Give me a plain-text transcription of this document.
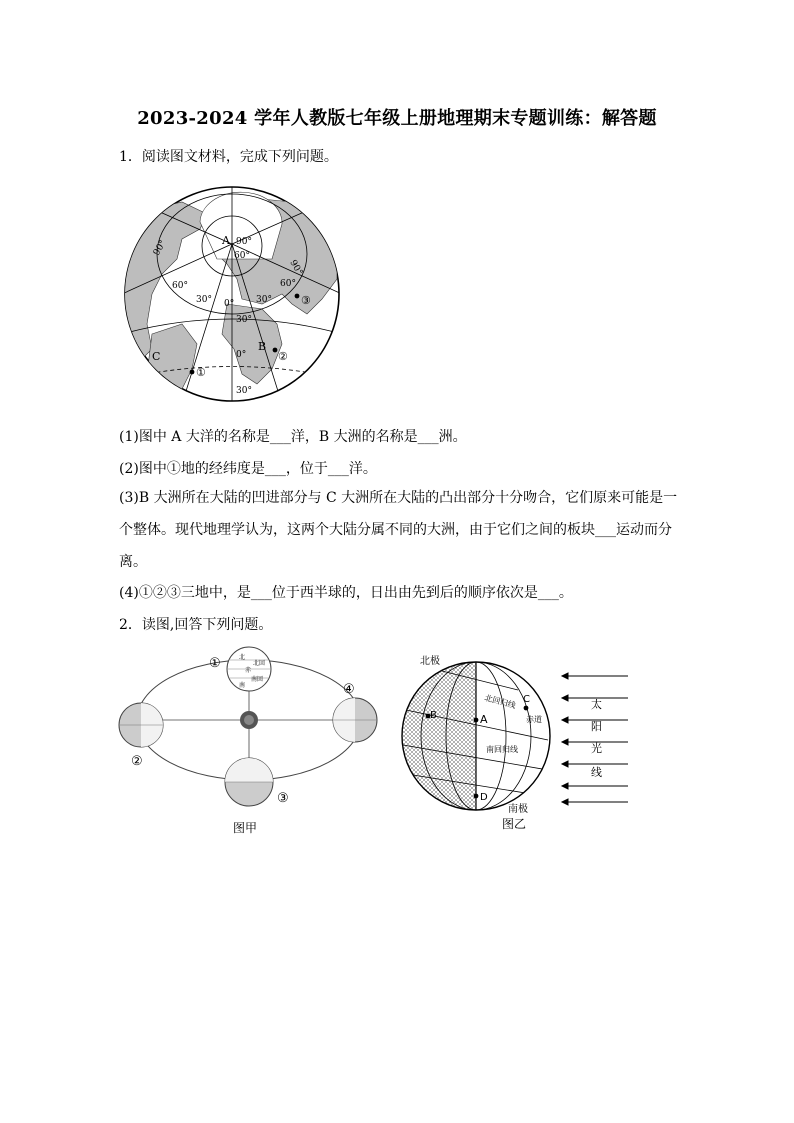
2023-2024 学年人教版七年级上册地理期末专题训练：解答题
1．阅读图文材料，完成下列问题。
A 90°
60°
60°	60°
30°	30°
30°
0°
0°
30°
90°
90°
B
C
①
②
③
(1)图中 A 大洋的名称是___洋，B 大洲的名称是___洲。
(2)图中①地的经纬度是___，位于___洋。
(3)B 大洲所在大陆的凹进部分与 C 大洲所在大陆的凸出部分十分吻合，它们原来可能是一个整体。现代地理学认为，这两个大陆分属不同的大洲，由于它们之间的板块___运动而分离。
(4)①②③三地中，是___位于西半球的，日出由先到后的顺序依次是___。
2．读图,回答下列问题。
北
北回
赤
南回
南
①
②
③
④
图甲
北极
南极
北回归线
赤道
南回归线
B	A
C
D
太
阳
光
线
图乙
